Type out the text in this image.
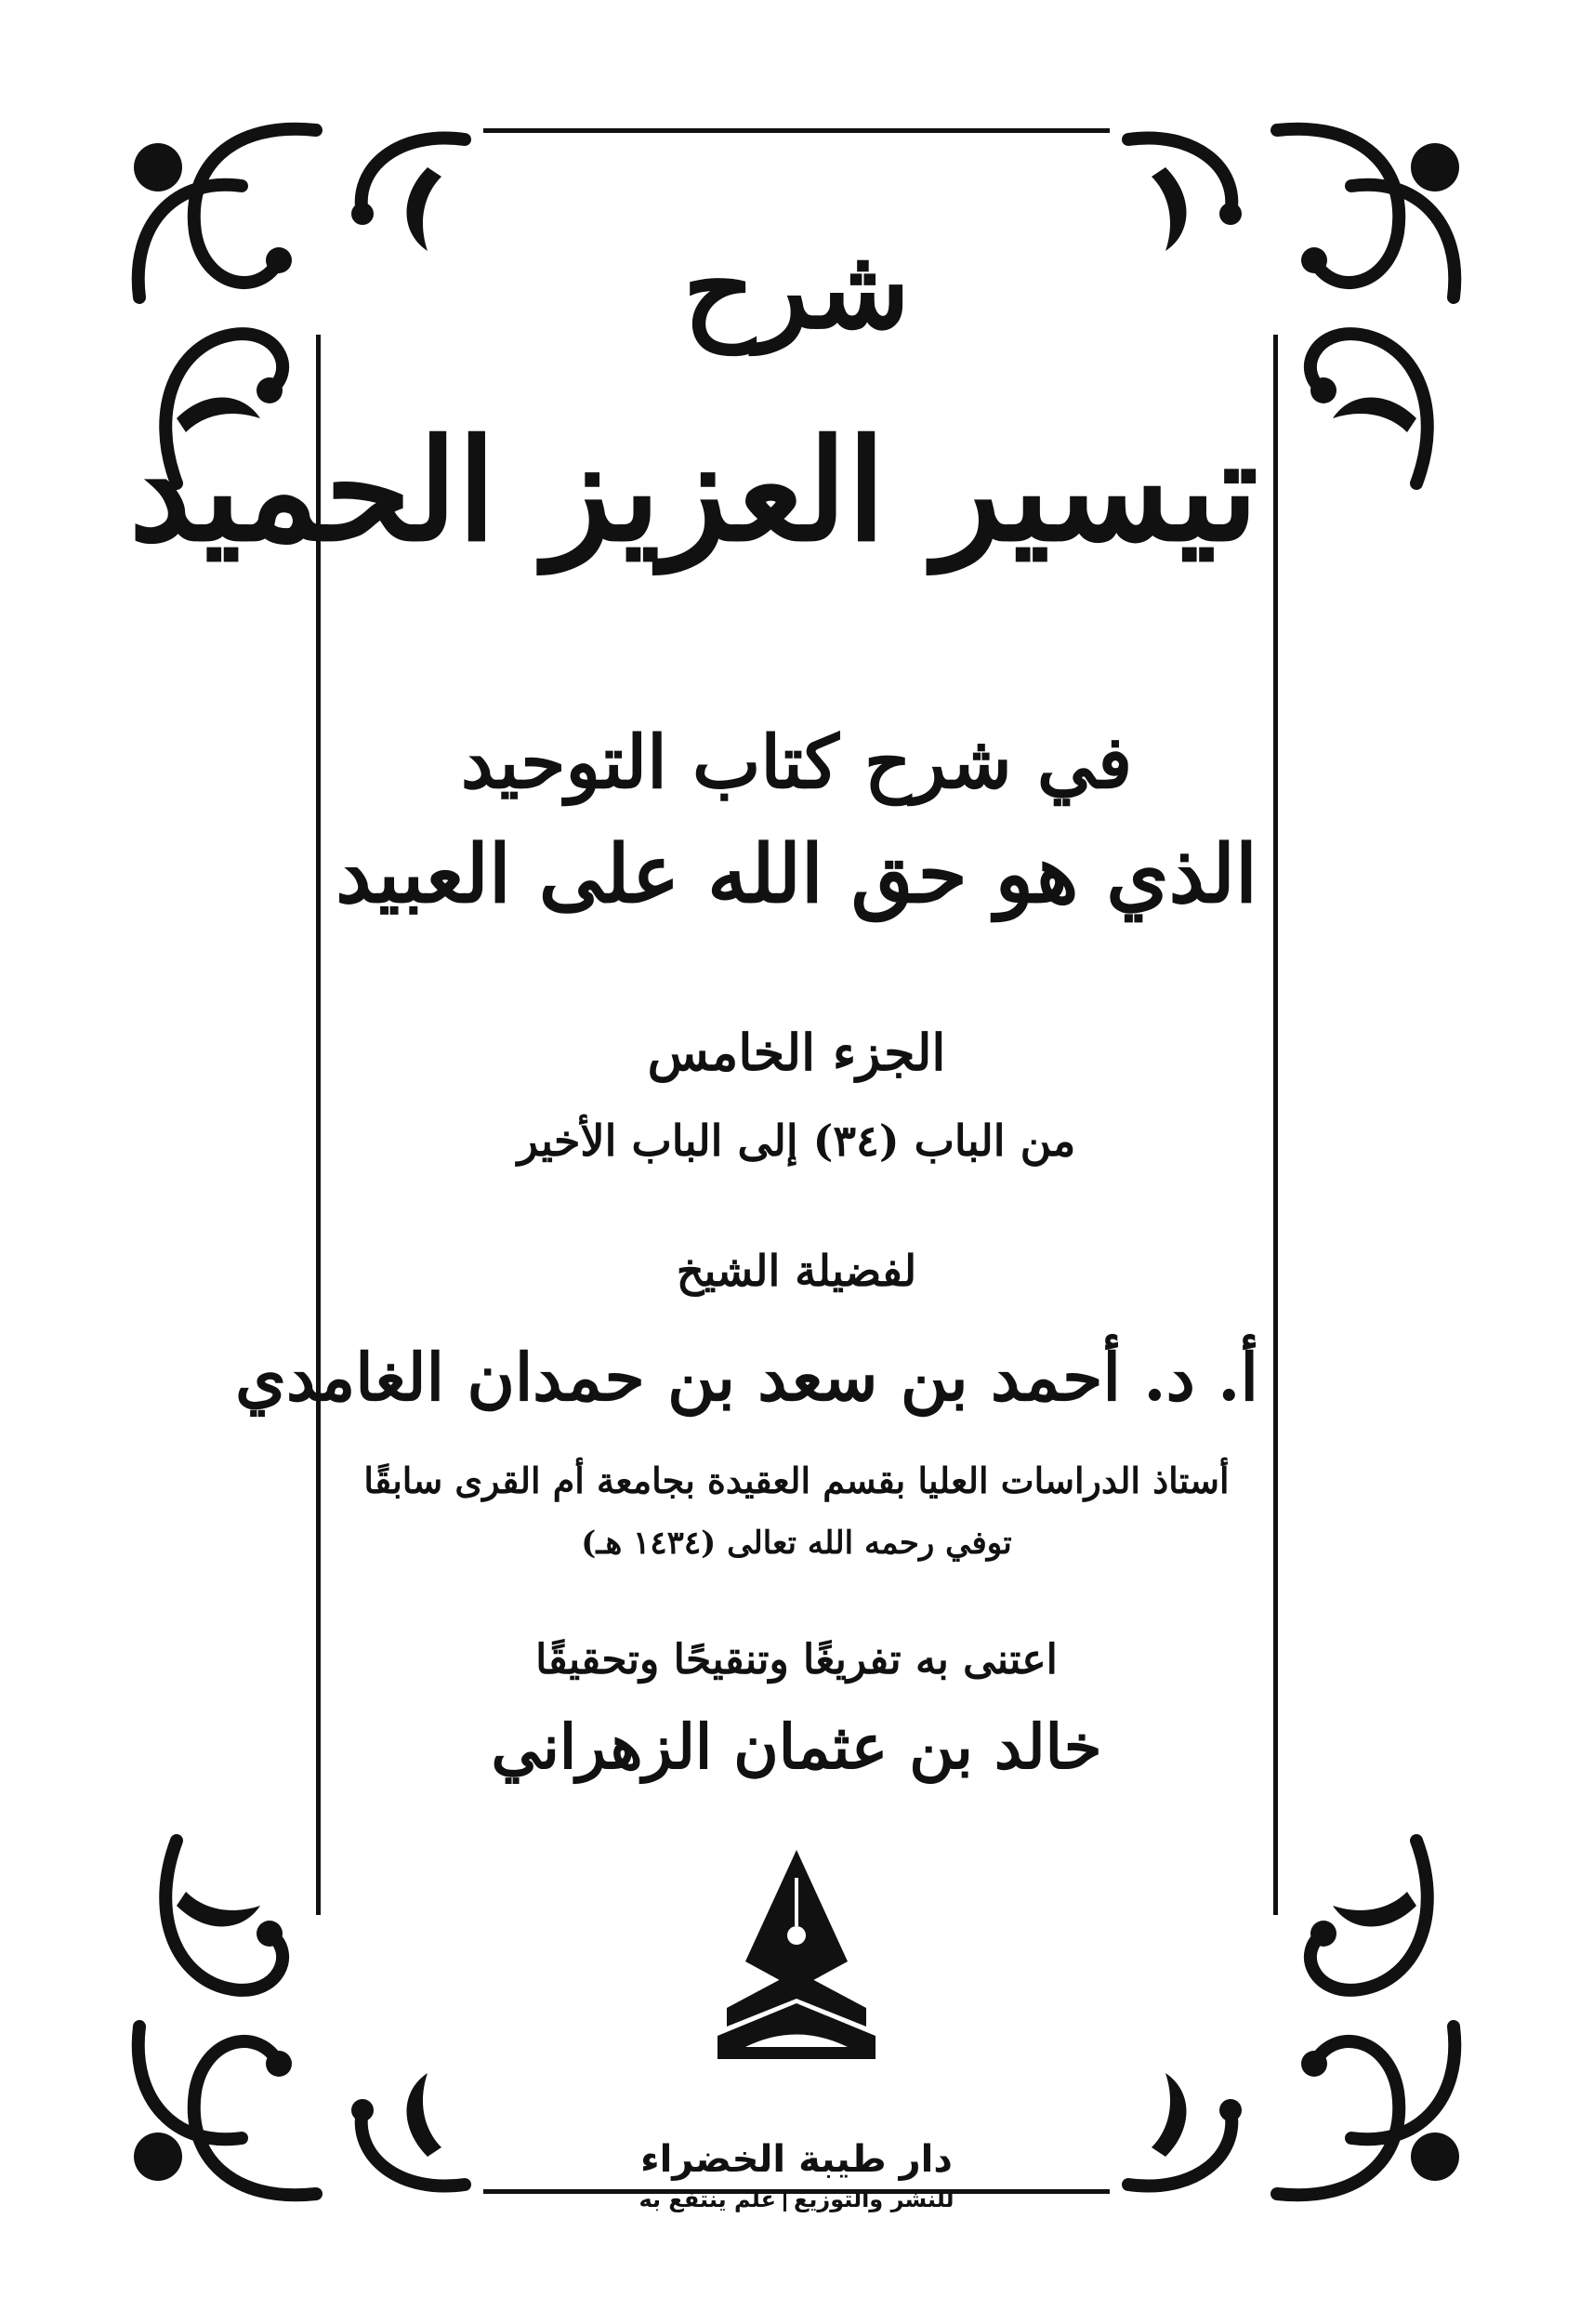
شرح
تيسير العزيز الحميد
في شرح كتاب التوحيد
الذي هو حق الله على العبيد
الجزء الخامس
من الباب (٣٤) إلى الباب الأخير
لفضيلة الشيخ
أ. د. أحمد بن سعد بن حمدان الغامدي
أستاذ الدراسات العليا بقسم العقيدة بجامعة أم القرى سابقًا
توفي رحمه الله تعالى (١٤٣٤ هـ)
اعتنى به تفريغًا وتنقيحًا وتحقيقًا
خالد بن عثمان الزهراني
دار طيبة الخضراء
للنشر والتوزيععلم ينتفع به
